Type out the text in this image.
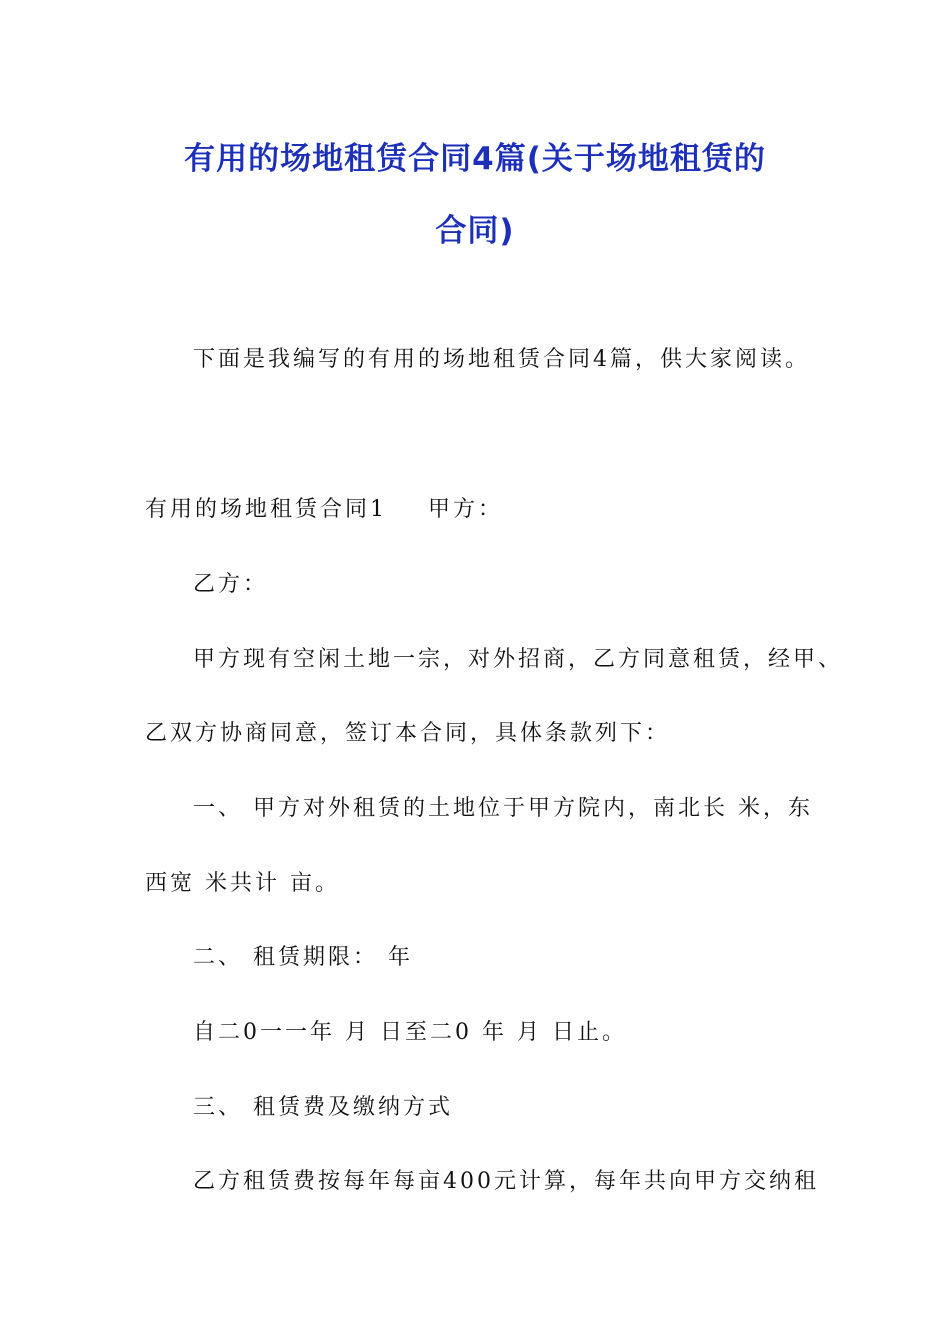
有用的场地租赁合同4篇(关于场地租赁的
合同)
下面是我编写的有用的场地租赁合同4篇，供大家阅读。
有用的场地租赁合同1 甲方：
乙方：
甲方现有空闲土地一宗，对外招商，乙方同意租赁，经甲、
乙双方协商同意，签订本合同，具体条款列下：
一、 甲方对外租赁的土地位于甲方院内，南北长 米，东
西宽 米共计 亩。
二、 租赁期限： 年
自二0一一年 月 日至二0 年 月 日止。
三、 租赁费及缴纳方式
乙方租赁费按每年每亩400元计算，每年共向甲方交纳租
